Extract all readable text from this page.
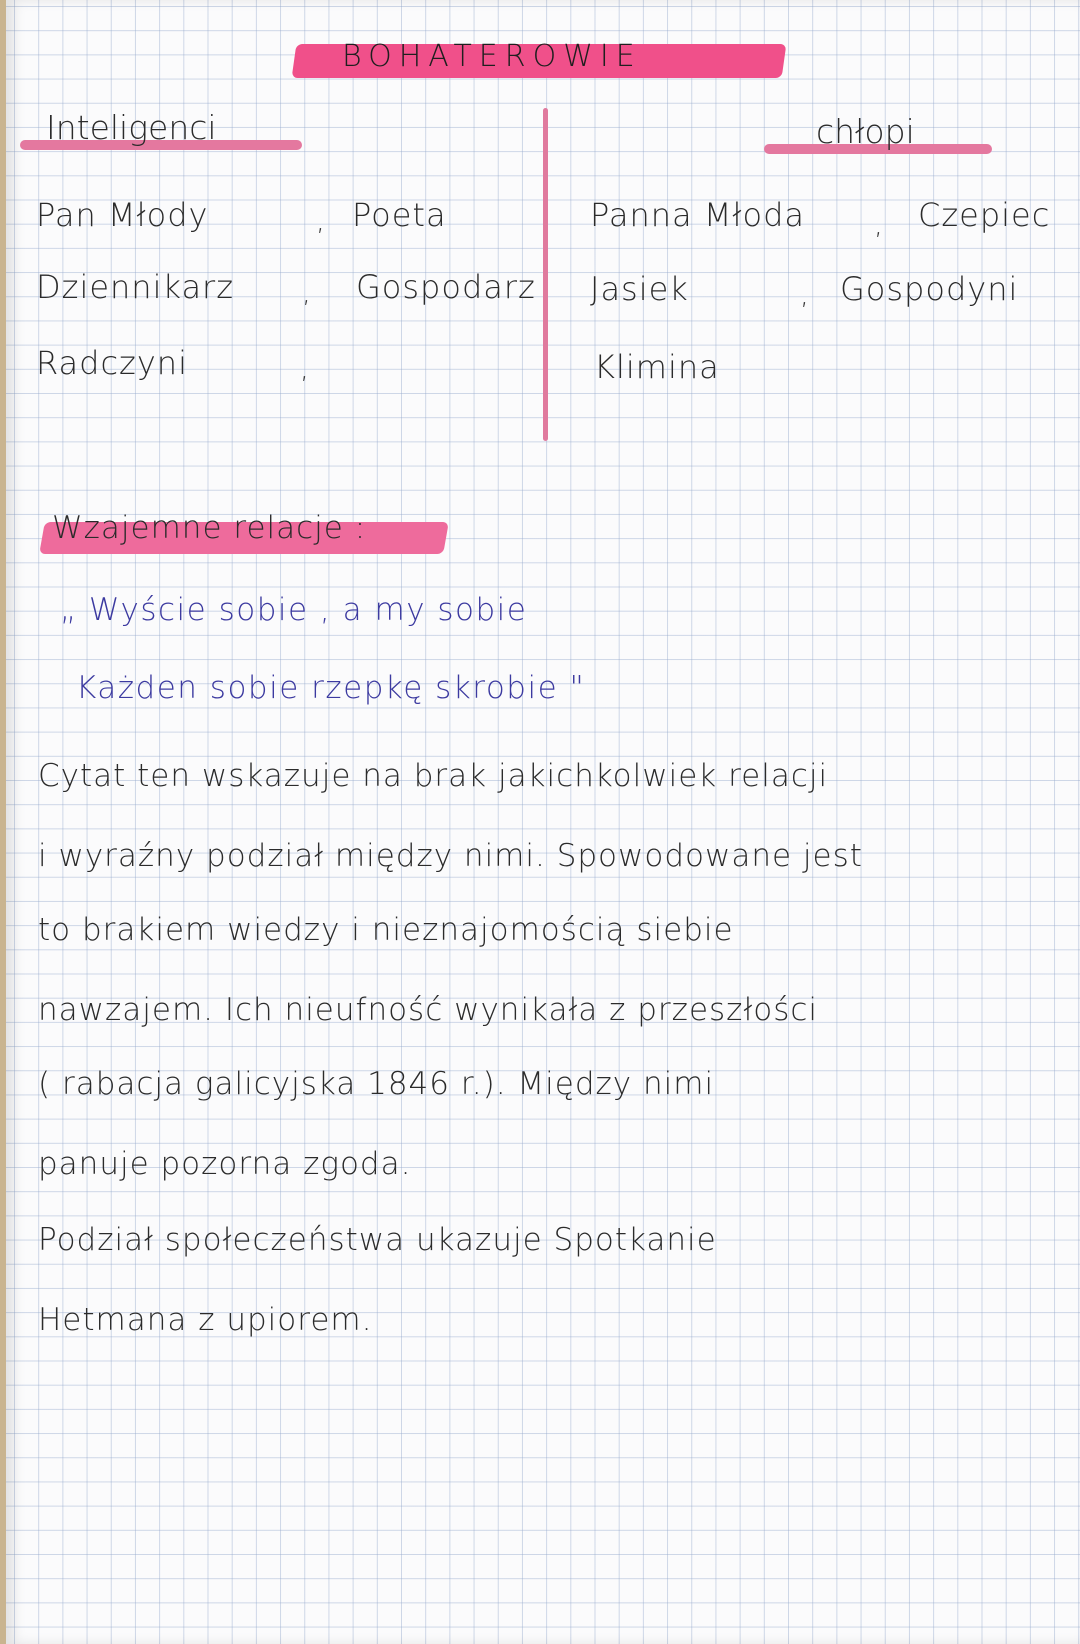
BOHATEROWIE
Inteligenci	chłopi
Pan Młody	, Poeta
Dziennikarz , Gospodarz
Radczyni	,
Panna Młoda , Czepiec
Jasiek	, Gospodyni
Klimina
Wzajemne relacje :
„ Wyście sobie , a my sobie
Każden sobie rzepkę skrobie "
Cytat ten wskazuje na brak jakichkolwiek relacji
i wyraźny podział między nimi. Spowodowane jest
to brakiem wiedzy i nieznajomością siebie
nawzajem. Ich nieufność wynikała z przeszłości
( rabacja galicyjska 1846 r.). Między nimi
panuje pozorna zgoda.
Podział społeczeństwa ukazuje Spotkanie
Hetmana z upiorem.
